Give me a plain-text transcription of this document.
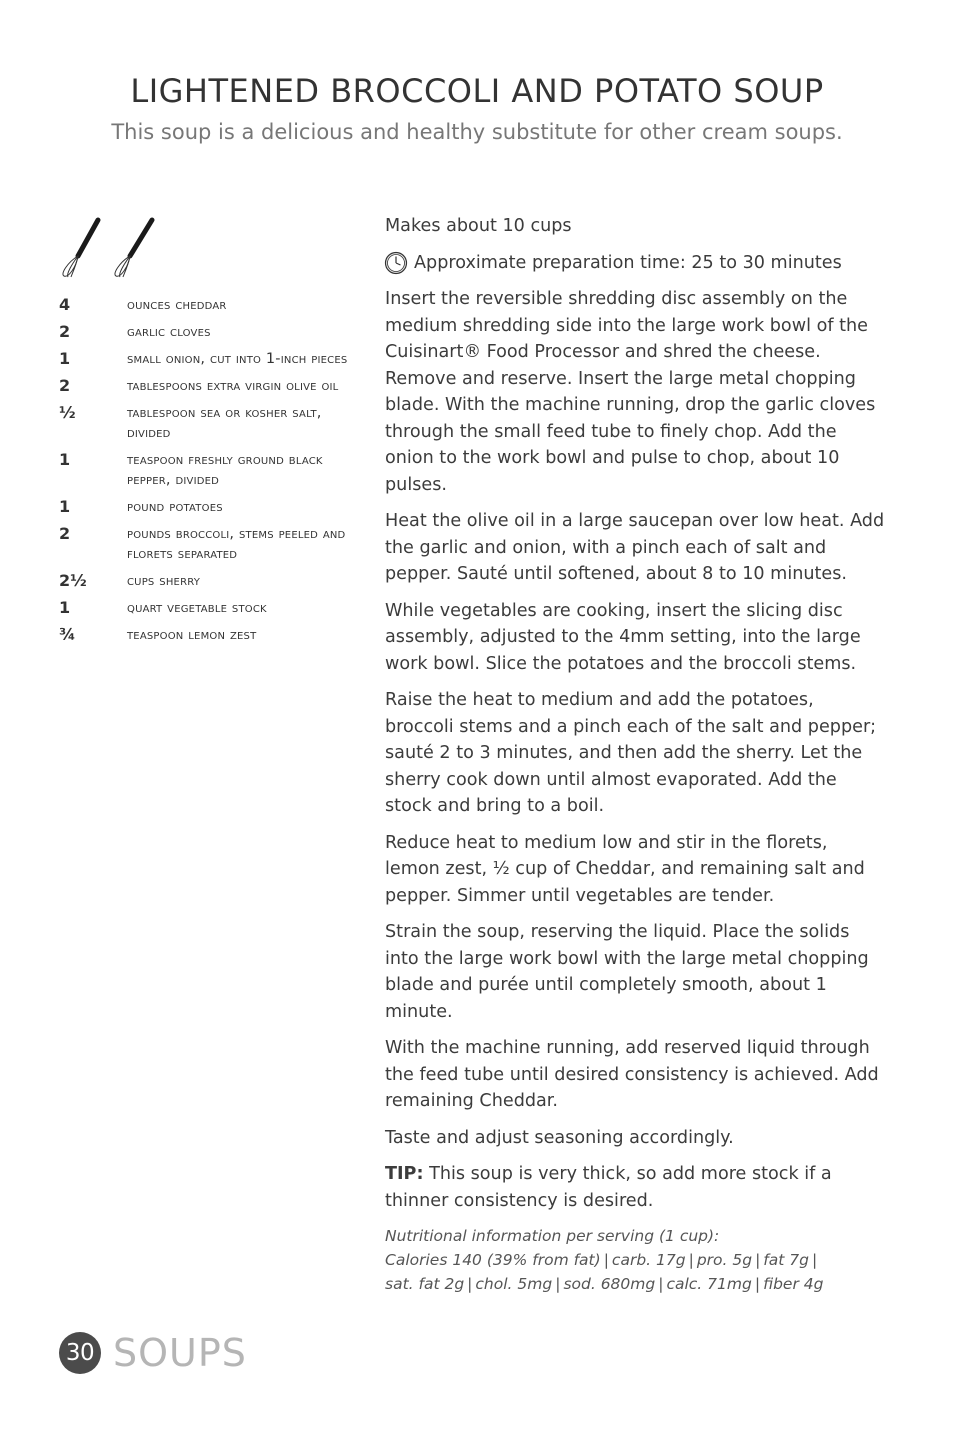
LIGHTENED BROCCOLI AND POTATO SOUP
This soup is a delicious and healthy substitute for other cream soups.
4	ounces cheddar
2	garlic cloves
1	small onion, cut into 1-inch pieces
2	tablespoons extra virgin olive oil
½	tablespoon sea or kosher salt, divided
1	teaspoon freshly ground black pepper, divided
1	pound potatoes
2	pounds broccoli, stems peeled and florets separated
2½	cups sherry
1	quart vegetable stock
¾	teaspoon lemon zest

Makes about 10 cups

Approximate preparation time: 25 to 30 minutes

Insert the reversible shredding disc assembly on the medium shredding side into the large work bowl of the Cuisinart® Food Processor and shred the cheese. Remove and reserve. Insert the large metal chopping blade. With the machine running, drop the garlic cloves through the small feed tube to finely chop. Add the onion to the work bowl and pulse to chop, about 10 pulses.

Heat the olive oil in a large saucepan over low heat. Add the garlic and onion, with a pinch each of salt and pepper. Sauté until softened, about 8 to 10 minutes.

While vegetables are cooking, insert the slicing disc assembly, adjusted to the 4mm setting, into the large work bowl. Slice the potatoes and the broccoli stems.

Raise the heat to medium and add the potatoes, broccoli stems and a pinch each of the salt and pepper; sauté 2 to 3 minutes, and then add the sherry. Let the sherry cook down until almost evaporated. Add the stock and bring to a boil.

Reduce heat to medium low and stir in the florets, lemon zest, ½ cup of Cheddar, and remaining salt and pepper. Simmer until vegetables are tender.

Strain the soup, reserving the liquid. Place the solids into the large work bowl with the large metal chopping blade and purée until completely smooth, about 1 minute.

With the machine running, add reserved liquid through the feed tube until desired consistency is achieved. Add remaining Cheddar.

Taste and adjust seasoning accordingly.

TIP: This soup is very thick, so add more stock if a thinner consistency is desired.

Nutritional information per serving (1 cup):
Calories 140 (39% from fat) | carb. 17g | pro. 5g | fat 7g |
sat. fat 2g | chol. 5mg | sod. 680mg | calc. 71mg | fiber 4g
30 SOUPS
